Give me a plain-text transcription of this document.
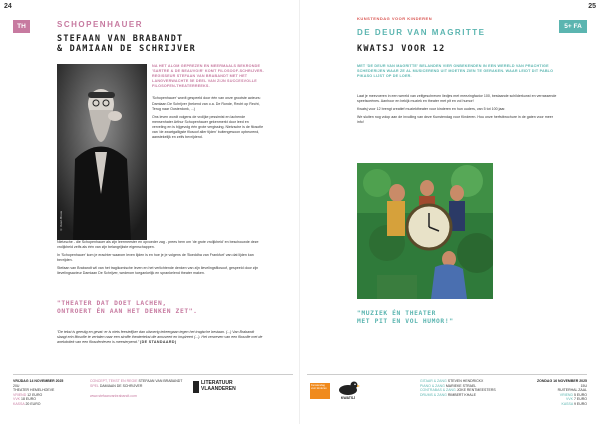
24
TH	SCHOPENHAUER
STEFAAN VAN BRABANDT
& DAMIAAN DE SCHRIJVER
© Koen Broos
NA HET ALOM GEPREZEN EN MEERMAALS BEKRONDE 'SARTRE & DE BEAUVOIR' KOMT FILOSOOF-SCHRIJVER-REGISSEUR STEFAAN VAN BRABANDT MET HET LANGVERWACHTE 5E DEEL VAN ZIJN SUCCESVOLLE FILOSOFEN-THEATERREEKS.

'Schopenhauer' wordt gespeeld door één van onze grootste acteurs: Damiaan De Schrijver (bekend van o.a. De Ronde, Recht op Recht, Terug naar Oosterdonk, ...)

Ons leven wordt volgens de vrolijke pessimist en lachende mensenhater Arthur Schopenhauer gekenmerkt door leed en verveling en is bijgevolg één grote vergissing. Nietzsche is de filosofie van 'de zwartgalligste filosoof aller tijden' buitengewoon opbeurend, aanstekelijk en zelfs bevrijdend.

Nietzsche - die Schopenhauer als zijn leermeester en opvoeder zag - prees hem om 'de grote vrolijkheid' en beschouwde deze vrolijkheid zelfs als één van zijn belangrijkste eigenschappen.

In 'Schopenhauer' kom je erachter waarom leven lijden is en hoe je je volgens de 'Boeddha van Frankfurt' van dat lijden kan bevrijden.

Stefaan van Brabandt wil van het tragikomische leven en het verlichtende denken van zijn lievelingsfilosoof, gespeeld door zijn lievelingsacteur Damiaan De Schrijver, wederom toegankelijk en sprankelend theater maken.

"THEATER DAT DOET LACHEN,
ONTROERT ÉN AAN HET DENKEN ZET".
"De tekst is geestig en gevat: er is niets feestelijker dan uitvoerig tekeergaan tegen het tragische bestaan. (...) Van Brabandt slaagt erin filosofie te vertalen naar een straffe theatertekst die amuseert en inspireert (...). Het verweven van een filosofie met de anekdotiek van een filosofenleven is meesterpend." (DE STANDAARD)
VRIJDAG 14 NOVEMBER 2025
20U
THEATER HEMELHOEVE
VRIEND 12 EURO
VVK 18 EURO
KASSA 20 EURO
CONCEPT, TEKST EN REGIE STEFAAN VAN BRABANDT
SPEL DAMIAAN DE SCHRIJVER
www.stefaanvanbrabandt.com
LITERATUUR
VLAANDEREN
25
5+ FA
KUNSTENDAG VOOR KINDEREN
DE DEUR VAN MAGRITTE
KWATSJ VOOR 12
MET 'DE DEUR VAN MAGRITTE' BELANDEN VIER ONBEKENDEN IN EEN WERELD VAN PRACHTIGE SCHEDERIJEN WAAR ZE AL MUSICEREND UIT MOETEN ZIEN TE GERAKEN. WAAR LEIDT DIT PABLO PIKASO LIJST OP DE LOER.

Laat je meevoeren in een wereld van zelfgeschreven liedjes met meezingfactor 100, bestaande schilderkunst en verrassende speelsceènes. Aanhoor en bekijk muziek en theater met pit en vol humor!

Kwatsj voor 12 brengt creatief muziektheater voor kinderen en hun ouders, van 5 tot 100 jaar.

We sluiten nog volop aan de invulling van deze Kunstendag voor Kinderen. Hou onze herfstbrochure in de gaten voor meer info!

"MUZIEK ÉN THEATER
MET PIT EN VOL HUMOR!"
Kunstendag voor kinderen
KWATSJ
GITAAR & ZANG STEVEN HENDRICKX
PIANO & ZANG MARIEKE STRAEL
CONTRABAS & ZANG JOKE RENTMEESTERS
DRUMS & ZANG RIMBERT KHALE
ZONDAG 16 NOVEMBER 2025
15U
RUITERHAL ZAAL
VRIEND 5 EURO
VVK 7 EURO
KASSA 9 EURO
